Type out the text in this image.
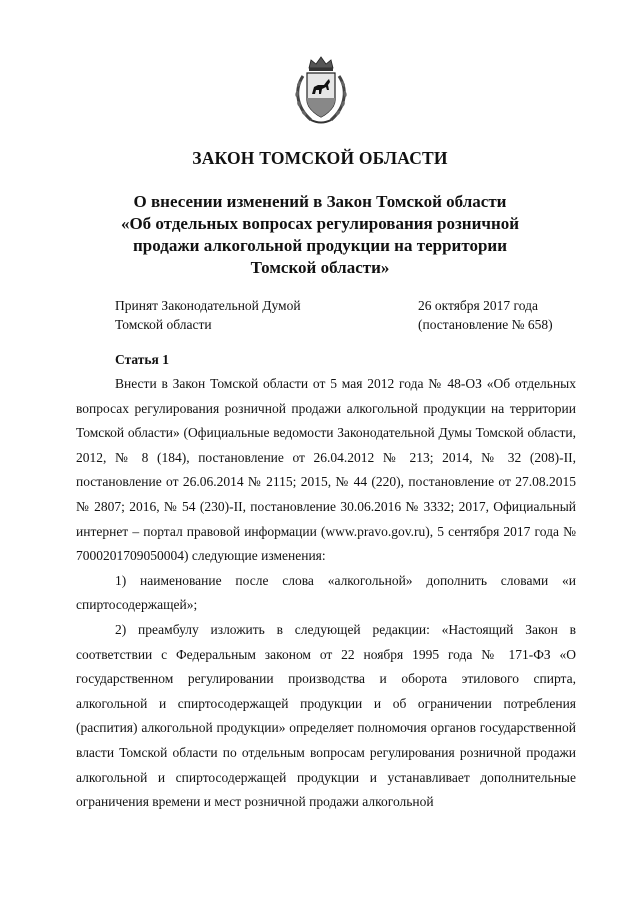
ЗАКОН ТОМСКОЙ ОБЛАСТИ
О внесении изменений в Закон Томской области
«Об отдельных вопросах регулирования розничной
продажи алкогольной продукции на территории
Томской области»
Принят Законодательной Думой
Томской области
26 октября 2017 года
(постановление № 658)
Статья 1

Внести в Закон Томской области от 5 мая 2012 года № 48-ОЗ «Об отдельных вопросах регулирования розничной продажи алкогольной продукции на территории Томской области» (Официальные ведомости Законодательной Думы Томской области, 2012, № 8 (184), постановление от 26.04.2012 № 213; 2014, № 32 (208)-II, постановление от 26.06.2014 № 2115; 2015, № 44 (220), постановление от 27.08.2015 № 2807; 2016, № 54 (230)-II, постановление 30.06.2016 № 3332; 2017, Официальный интернет – портал правовой информации (www.pravo.gov.ru), 5 сентября 2017 года № 7000201709050004) следующие изменения:

1) наименование после слова «алкогольной» дополнить словами «и спиртосодержащей»;

2) преамбулу изложить в следующей редакции: «Настоящий Закон в соответствии с Федеральным законом от 22 ноября 1995 года № 171-ФЗ «О государственном регулировании производства и оборота этилового спирта, алкогольной и спиртосодержащей продукции и об ограничении потребления (распития) алкогольной продукции» определяет полномочия органов государственной власти Томской области по отдельным вопросам регулирования розничной продажи алкогольной и спиртосодержащей продукции и устанавливает дополнительные ограничения времени и мест розничной продажи алкогольной
